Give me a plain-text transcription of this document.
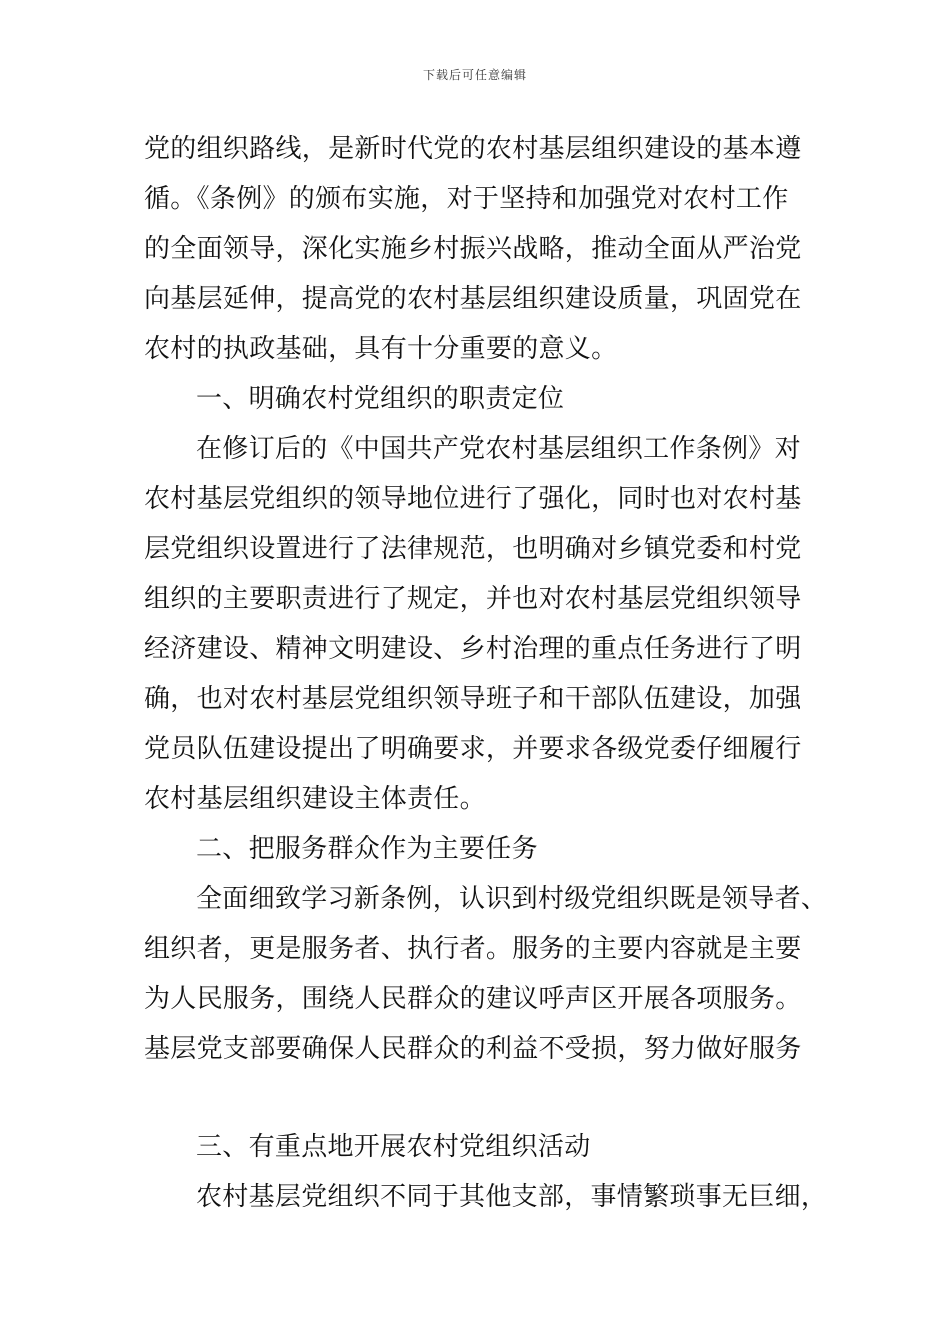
下载后可任意编辑
党的组织路线，是新时代党的农村基层组织建设的基本遵
循。《条例》的颁布实施，对于坚持和加强党对农村工作
的全面领导，深化实施乡村振兴战略，推动全面从严治党
向基层延伸，提高党的农村基层组织建设质量，巩固党在
农村的执政基础，具有十分重要的意义。
一、明确农村党组织的职责定位
在修订后的《中国共产党农村基层组织工作条例》对
农村基层党组织的领导地位进行了强化，同时也对农村基
层党组织设置进行了法律规范，也明确对乡镇党委和村党
组织的主要职责进行了规定，并也对农村基层党组织领导
经济建设、精神文明建设、乡村治理的重点任务进行了明
确，也对农村基层党组织领导班子和干部队伍建设，加强
党员队伍建设提出了明确要求，并要求各级党委仔细履行
农村基层组织建设主体责任。
二、把服务群众作为主要任务
全面细致学习新条例，认识到村级党组织既是领导者、
组织者，更是服务者、执行者。服务的主要内容就是主要
为人民服务，围绕人民群众的建议呼声区开展各项服务。
基层党支部要确保人民群众的利益不受损，努力做好服务
三、有重点地开展农村党组织活动
农村基层党组织不同于其他支部，事情繁琐事无巨细，
